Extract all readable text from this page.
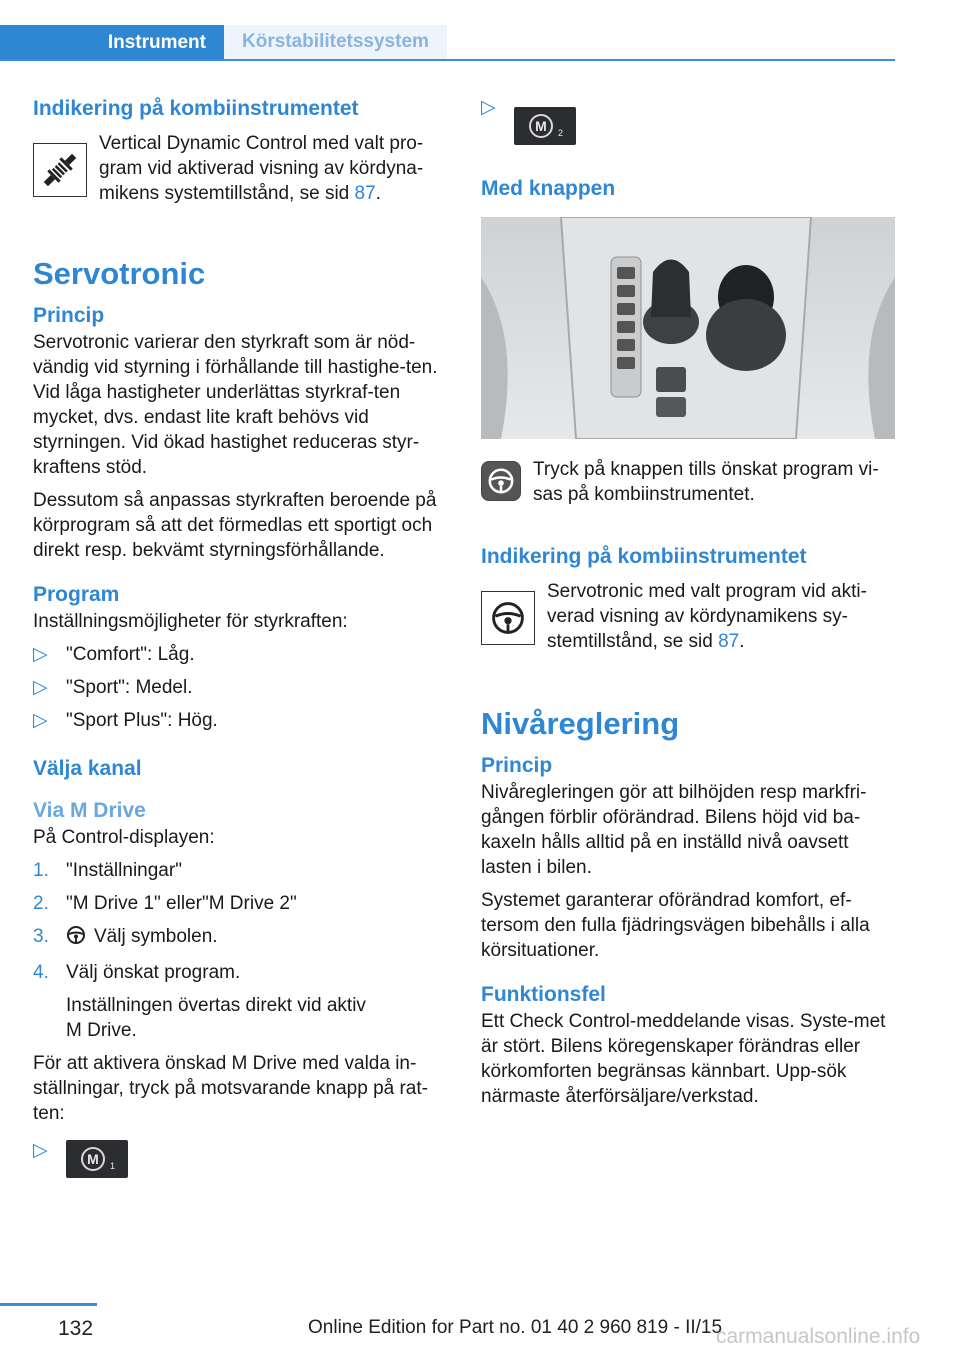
Instrument	Körstabilitetssystem
Indikering på kombiinstrumentet

Vertical Dynamic Control med valt pro-gram vid aktiverad visning av kördyna-mikens systemtillstånd, se sid 87.

Servotronic
Princip

Servotronic varierar den styrkraft som är nöd-vändig vid styrning i förhållande till hastighe-ten. Vid låga hastigheter underlättas styrkraf-ten mycket, dvs. endast lite kraft behövs vid styrningen. Vid ökad hastighet reduceras styr-kraftens stöd.

Dessutom så anpassas styrkraften beroende på körprogram så att det förmedlas ett sportigt och direkt resp. bekvämt styrningsförhållande.

Program

Inställningsmöjligheter för styrkraften:

▷ "Comfort": Låg.
▷ "Sport": Medel.
▷ "Sport Plus": Hög.
Välja kanal
Via M Drive

På Control-displayen:

1. "Inställningar"
2. "M Drive 1" eller"M Drive 2"
3. Välj symbolen.
4. Välj önskat program.

Inställningen övertas direkt vid aktiv M Drive.

För att aktivera önskad M Drive med valda in-ställningar, tryck på motsvarande knapp på rat-ten:

▷	M 1
▷
M 2
Med knappen

Tryck på knappen tills önskat program vi-sas på kombiinstrumentet.

Indikering på kombiinstrumentet

Servotronic med valt program vid akti-verad visning av kördynamikens sy-stemtillstånd, se sid 87.

Nivåreglering
Princip

Nivåregleringen gör att bilhöjden resp markfri-gången förblir oförändrad. Bilens höjd vid ba-kaxeln hålls alltid på en inställd nivå oavsett lasten i bilen.

Systemet garanterar oförändrad komfort, ef-tersom den fulla fjädringsvägen bibehålls i alla körsituationer.

Funktionsfel

Ett Check Control-meddelande visas. Syste-met är stört. Bilens köregenskaper förändras eller körkomforten begränsas kännbart. Upp-sök närmaste återförsäljare/verkstad.

132	Online Edition for Part no. 01 40 2 960 819 - II/15
carmanualsonline.info
